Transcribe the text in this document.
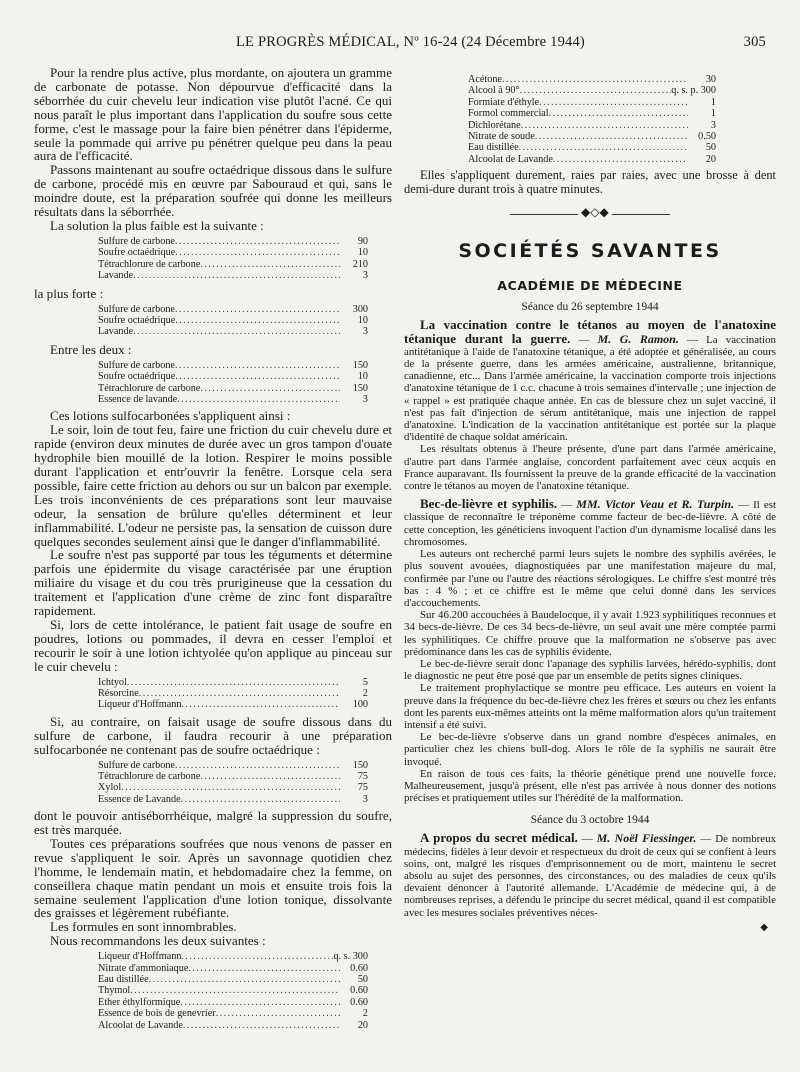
LE PROGRÈS MÉDICAL, Nº 16-24 (24 Décembre 1944)	305

Pour la rendre plus active, plus mordante, on ajoutera un gramme de carbonate de potasse. Non dépourvue d'efficacité dans la séborrhée du cuir chevelu leur indication vise plutôt l'acné. Ce qui nous paraît le plus important dans l'application du soufre sous cette forme, c'est le massage pour la faire bien pénétrer dans l'épiderme, seule la pommade qui arrive pu pénétrer quelque peu dans la peau aura de l'efficacité.

Passons maintenant au soufre octaédrique dissous dans le sulfure de carbone, procédé mis en œuvre par Sabouraud et qui, sans le moindre doute, est la préparation soufrée qui donne les meilleurs résultats dans la séborrhée.

La solution la plus faible est la suivante :

Sulfure de carbone .....	90
Soufre octaédrique .....	10
Tétrachlorure de carbone .....	210
Lavande .....	3
la plus forte :
Sulfure de carbone .....	300
Soufre octaédrique .....	10
Lavande .....	3
Entre les deux :
Sulfure de carbone .....	150
Soufre octaédrique .....	10
Tétrachlorure de carbone .....	150
Essence de lavande .....	3

Ces lotions sulfocarbonées s'appliquent ainsi :

Le soir, loin de tout feu, faire une friction du cuir chevelu dure et rapide (environ deux minutes de durée avec un gros tampon d'ouate hydrophile bien mouillé de la lotion. Respirer le moins possible durant l'application et entr'ouvrir la fenêtre. Lorsque cela sera possible, faire cette friction au dehors ou sur un balcon par exemple. Les trois inconvénients de ces préparations sont leur mauvaise odeur, la sensation de brûlure qu'elles déterminent et leur inflammabilité. L'odeur ne persiste pas, la sensation de cuisson dure quelques secondes seulement ainsi que le danger d'inflammabilité.

Le soufre n'est pas supporté par tous les téguments et détermine parfois une épidermite du visage caractérisée par une éruption miliaire du visage et du cou très prurigineuse que la cessation du traitement et l'application d'une crème de zinc font disparaître rapidement.

Si, lors de cette intolérance, le patient fait usage de soufre en poudres, lotions ou pommades, il devra en cesser l'emploi et recourir le soir à une lotion ichtyolée qu'on applique au pinceau sur le cuir chevelu :

Ichtyol .....	5
Résorcine .....	2
Liqueur d'Hoffmann .....	100

Si, au contraire, on faisait usage de soufre dissous dans du sulfure de carbone, il faudra recourir à une préparation sulfocarbonée ne contenant pas de soufre octaédrique :

Sulfure de carbone .....	150
Tétrachlorure de carbone .....	75
Xylol .....	75
Essence de Lavande .....	3

dont le pouvoir antiséborrhéique, malgré la suppression du soufre, est très marquée.

Toutes ces préparations soufrées que nous venons de passer en revue s'appliquent le soir. Après un savonnage quotidien chez l'homme, le lendemain matin, et hebdomadaire chez la femme, on conseillera chaque matin pendant un mois et ensuite trois fois la semaine seulement l'application d'une lotion tonique, dissolvante des graisses et légèrement rubéfiante.

Les formules en sont innombrables.

Nous recommandons les deux suivantes :

Liqueur d'Hoffmann .....	q. s. 300
Nitrate d'ammoniaque .....	0.60
Eau distillée .....	50
Thymol .....	0.60
Ether éthylformique .....	0.60
Essence de bois de genevrier .....	2
Alcoolat de Lavande .....	20
Acétone .....	30
Alcool à 90° .....	q. s. p. 300
Formiate d'éthyle .....	1
Formol commercial .....	1
Dichlorétane .....	3
Nitrate de soude .....	0.50
Eau distillée .....	50
Alcoolat de Lavande .....	20

Elles s'appliquent durement, raies par raies, avec une brosse à dent demi-dure durant trois à quatre minutes.

◆◇◆
SOCIÉTÉS SAVANTES
ACADÉMIE DE MÉDECINE
Séance du 26 septembre 1944

La vaccination contre le tétanos au moyen de l'anatoxine tétanique durant la guerre. — M. G. Ramon. — La vaccination antitétanique à l'aide de l'anatoxine tétanique, a été adoptée et généralisée, au cours de la présente guerre, dans les armées américaine, australienne, britannique, canadienne, etc... Dans l'armée américaine, la vaccination comporte trois injections d'anatoxine tétanique de 1 c.c. chacune à trois semaines d'intervalle ; une injection de « rappel » est pratiquée chaque année. En cas de blessure chez un sujet vacciné, il n'est pas fait d'injection de sérum antitétanique, mais une injection de rappel d'anatoxine. L'indication de la vaccination antitétanique est portée sur la plaque d'identité de chaque soldat américain.

Les résultats obtenus à l'heure présente, d'une part dans l'armée américaine, d'autre part dans l'armée anglaise, concordent parfaitement avec ceux acquis en France auparavant. Ils fournissent la preuve de la grande efficacité de la vaccination contre le tétanos au moyen de l'anatoxine tétanique.

Bec-de-lièvre et syphilis. — MM. Victor Veau et R. Turpin. — Il est classique de reconnaître le tréponème comme facteur de bec-de-lièvre. A côté de cette conception, les généticiens invoquent l'action d'un dynamisme localisé dans les chromosomes.

Les auteurs ont recherché parmi leurs sujets le nombre des syphilis avérées, le plus souvent avouées, diagnostiquées par une manifestation majeure du mal, confirmée par l'une ou l'autre des réactions sérologiques. Le chiffre s'est montré très bas : 4 % ; et ce chiffre est le même que celui donné dans les services d'accouchements.

Sur 46.200 accouchées à Baudelocque, il y avait 1.923 syphilitiques reconnues et 34 becs-de-lièvre. De ces 34 becs-de-lièvre, un seul avait une mère comptée parmi les syphilitiques. Ce chiffre prouve que la malformation ne s'observe pas avec prédominance dans les cas de syphilis évidente.

Le bec-de-lièvre serait donc l'apanage des syphilis larvées, hérédo-syphilis, dont le diagnostic ne peut être posé que par un ensemble de petits signes cliniques.

Le traitement prophylactique se montre peu efficace. Les auteurs en voient la preuve dans la fréquence du bec-de-lièvre chez les frères et sœurs ou chez les enfants dont les parents eux-mêmes atteints ont la même malformation alors qu'un traitement intensif a été suivi.

Le bec-de-lièvre s'observe dans un grand nombre d'espèces animales, en particulier chez les chiens bull-dog. Alors le rôle de la syphilis ne saurait être invoqué.

En raison de tous ces faits, la théorie génétique prend une nouvelle force. Malheureusement, jusqu'à présent, elle n'est pas arrivée à nous donner des notions précises et pratiquement utiles sur l'hérédité de la malformation.

Séance du 3 octobre 1944

A propos du secret médical. — M. Noël Fiessinger. — De nombreux médecins, fidèles à leur devoir et respectueux du droit de ceux qui se confient à leurs soins, ont, malgré les risques d'emprisonnement ou de mort, maintenu le secret absolu au sujet des personnes, des circonstances, ou des maladies de ceux qu'ils devaient dénoncer à l'autorité allemande. L'Académie de médecine qui, à de nombreuses reprises, a défendu le principe du secret médical, quand il est compatible avec les mesures sociales préventives néces-

◆
